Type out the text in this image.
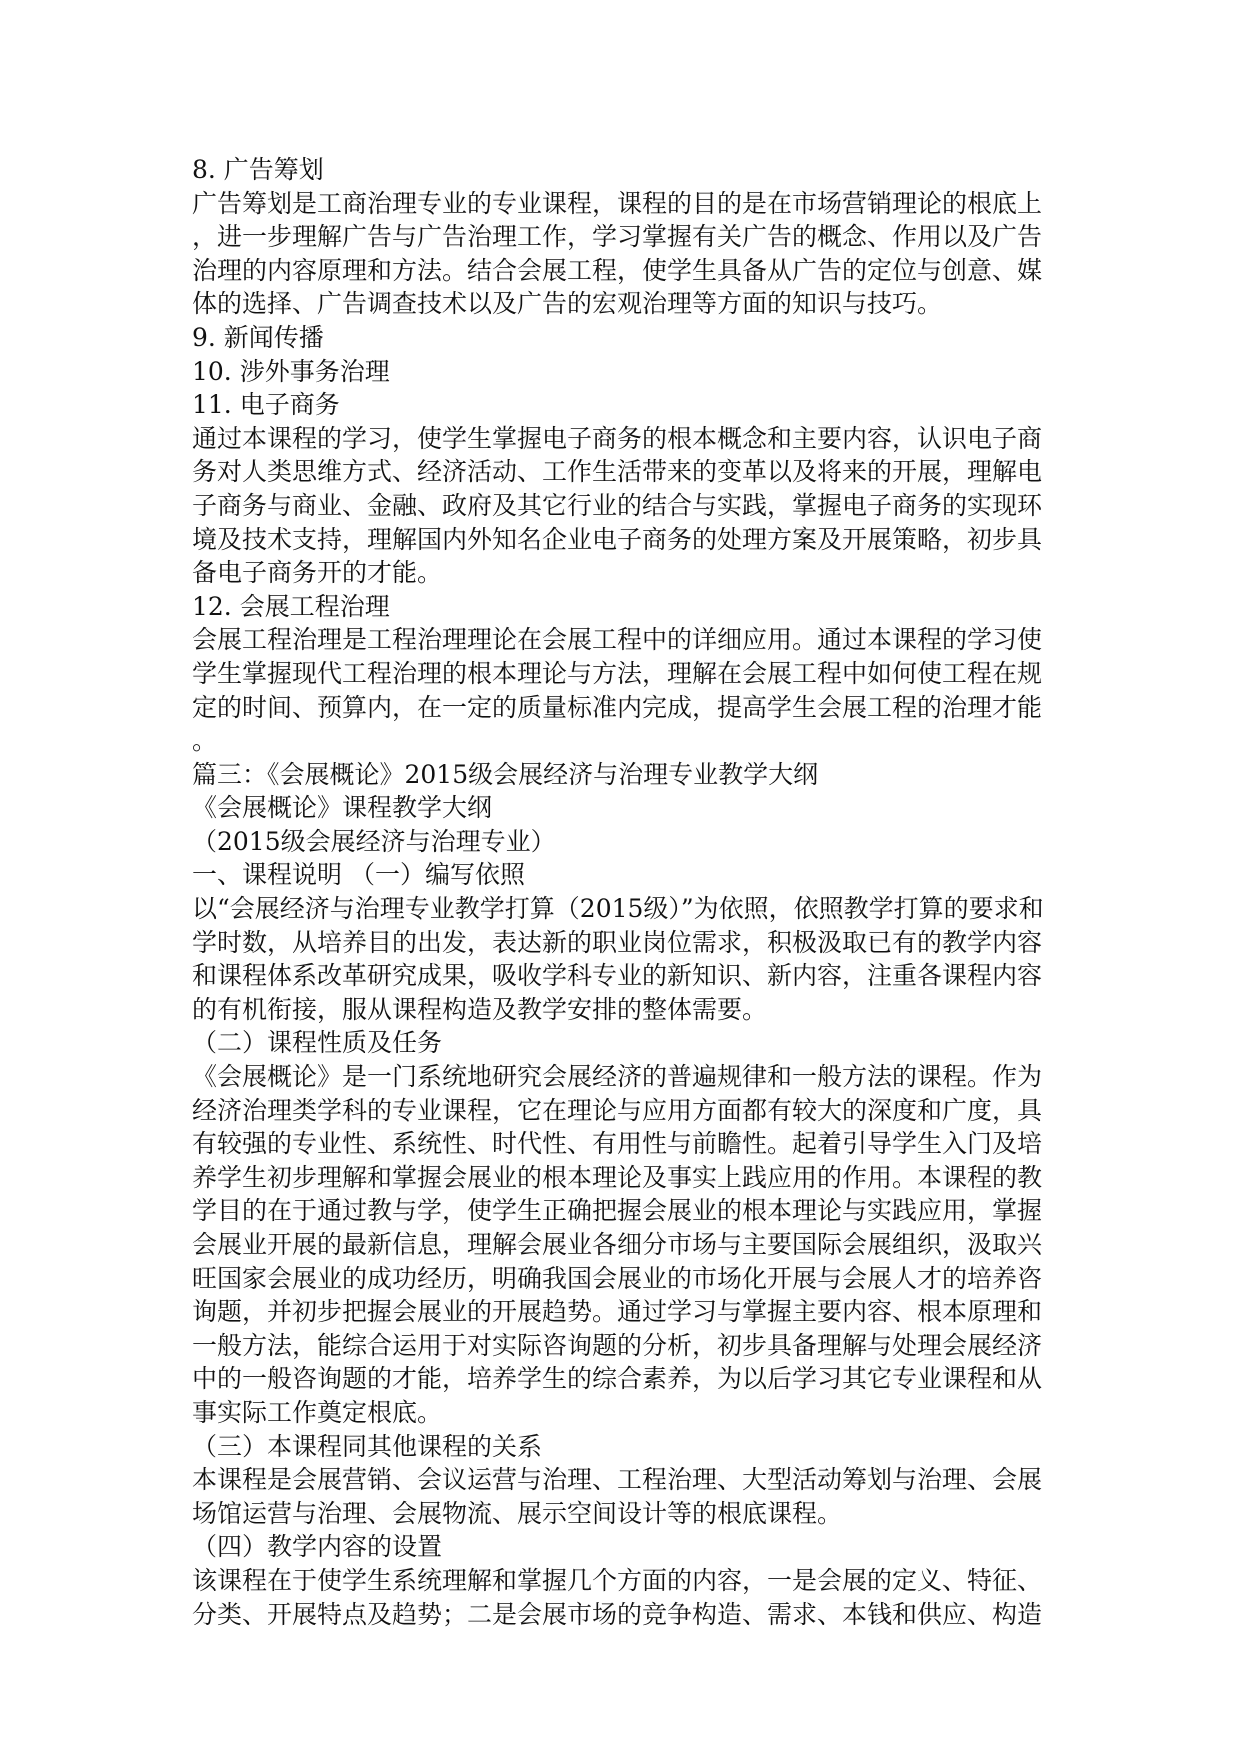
8. 广告筹划
广告筹划是工商治理专业的专业课程，课程的目的是在市场营销理论的根底上
，进一步理解广告与广告治理工作，学习掌握有关广告的概念、作用以及广告
治理的内容原理和方法。结合会展工程，使学生具备从广告的定位与创意、媒
体的选择、广告调查技术以及广告的宏观治理等方面的知识与技巧。
9. 新闻传播
10. 涉外事务治理
11. 电子商务
通过本课程的学习，使学生掌握电子商务的根本概念和主要内容，认识电子商
务对人类思维方式、经济活动、工作生活带来的变革以及将来的开展，理解电
子商务与商业、金融、政府及其它行业的结合与实践，掌握电子商务的实现环
境及技术支持，理解国内外知名企业电子商务的处理方案及开展策略，初步具
备电子商务开的才能。
12. 会展工程治理
会展工程治理是工程治理理论在会展工程中的详细应用。通过本课程的学习使
学生掌握现代工程治理的根本理论与方法，理解在会展工程中如何使工程在规
定的时间、预算内，在一定的质量标准内完成，提高学生会展工程的治理才能
。
篇三：《会展概论》2015级会展经济与治理专业教学大纲
《会展概论》课程教学大纲
（2015级会展经济与治理专业）
一、课程说明 （一）编写依照
以“会展经济与治理专业教学打算（2015级）”为依照，依照教学打算的要求和
学时数，从培养目的出发，表达新的职业岗位需求，积极汲取已有的教学内容
和课程体系改革研究成果，吸收学科专业的新知识、新内容，注重各课程内容
的有机衔接，服从课程构造及教学安排的整体需要。
（二）课程性质及任务
《会展概论》是一门系统地研究会展经济的普遍规律和一般方法的课程。作为
经济治理类学科的专业课程，它在理论与应用方面都有较大的深度和广度，具
有较强的专业性、系统性、时代性、有用性与前瞻性。起着引导学生入门及培
养学生初步理解和掌握会展业的根本理论及事实上践应用的作用。本课程的教
学目的在于通过教与学，使学生正确把握会展业的根本理论与实践应用，掌握
会展业开展的最新信息，理解会展业各细分市场与主要国际会展组织，汲取兴
旺国家会展业的成功经历，明确我国会展业的市场化开展与会展人才的培养咨
询题，并初步把握会展业的开展趋势。通过学习与掌握主要内容、根本原理和
一般方法，能综合运用于对实际咨询题的分析，初步具备理解与处理会展经济
中的一般咨询题的才能，培养学生的综合素养，为以后学习其它专业课程和从
事实际工作奠定根底。
（三）本课程同其他课程的关系
本课程是会展营销、会议运营与治理、工程治理、大型活动筹划与治理、会展
场馆运营与治理、会展物流、展示空间设计等的根底课程。
（四）教学内容的设置
该课程在于使学生系统理解和掌握几个方面的内容，一是会展的定义、特征、
分类、开展特点及趋势；二是会展市场的竞争构造、需求、本钱和供应、构造
